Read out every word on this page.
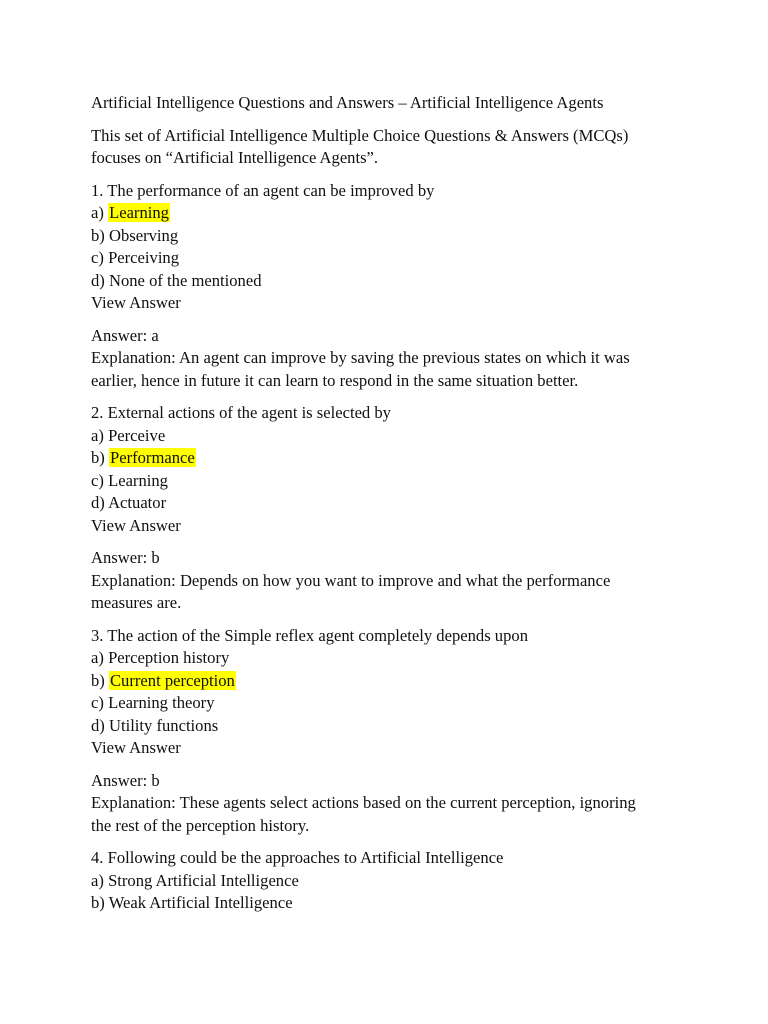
Artificial Intelligence Questions and Answers – Artificial Intelligence Agents
This set of Artificial Intelligence Multiple Choice Questions & Answers (MCQs)
focuses on “Artificial Intelligence Agents”.
1. The performance of an agent can be improved by
a) Learning
b) Observing
c) Perceiving
d) None of the mentioned
View Answer
Answer: a
Explanation: An agent can improve by saving the previous states on which it was
earlier, hence in future it can learn to respond in the same situation better.
2. External actions of the agent is selected by
a) Perceive
b) Performance
c) Learning
d) Actuator
View Answer
Answer: b
Explanation: Depends on how you want to improve and what the performance
measures are.
3. The action of the Simple reflex agent completely depends upon
a) Perception history
b) Current perception
c) Learning theory
d) Utility functions
View Answer
Answer: b
Explanation: These agents select actions based on the current perception, ignoring
the rest of the perception history.
4. Following could be the approaches to Artificial Intelligence
a) Strong Artificial Intelligence
b) Weak Artificial Intelligence
